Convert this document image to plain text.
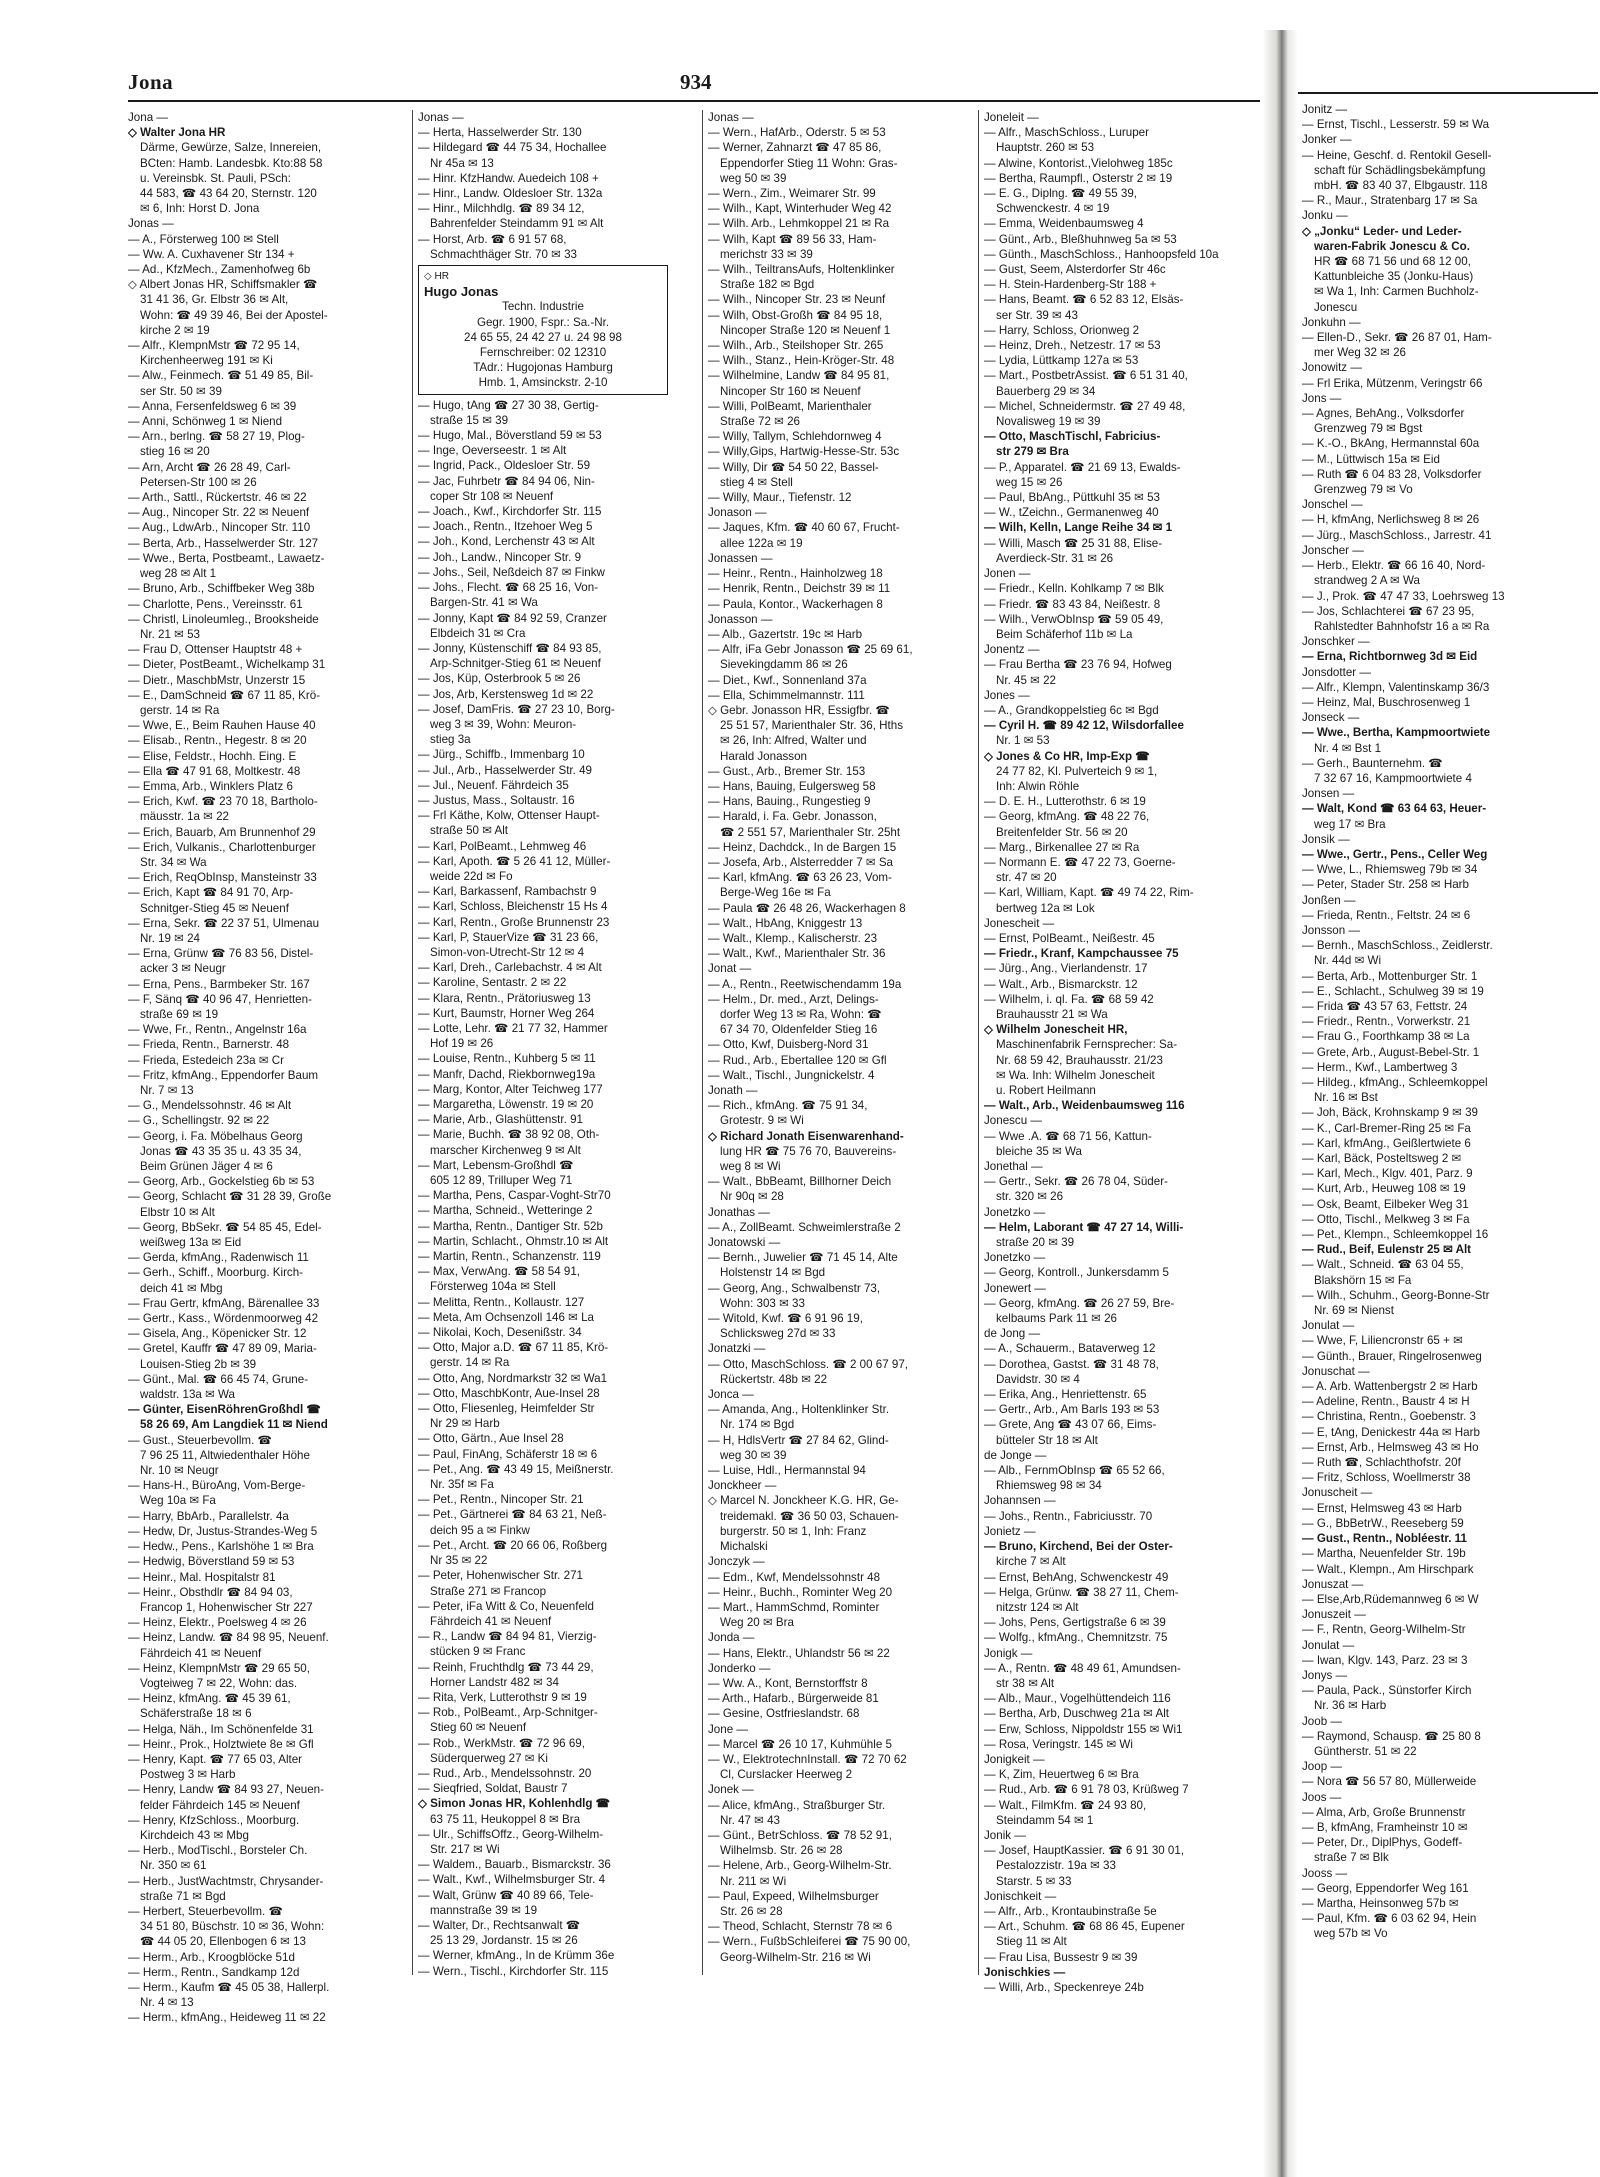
Jona	934
Jona —
◇ Walter Jona HR
Därme, Gewürze, Salze, Innereien,
BCten: Hamb. Landesbk. Kto:88 58
u. Vereinsbk. St. Pauli, PSch:
44 583, ☎ 43 64 20, Sternstr. 120
✉ 6, Inh: Horst D. Jona
Jonas —
— A., Försterweg 100 ✉ Stell
— Ww. A. Cuxhavener Str 134 +
— Ad., KfzMech., Zamenhofweg 6b
◇ Albert Jonas HR, Schiffsmakler ☎
31 41 36, Gr. Elbstr 36 ✉ Alt,
Wohn: ☎ 49 39 46, Bei der Apostel-
kirche 2 ✉ 19
— Alfr., KlempnMstr ☎ 72 95 14,
Kirchenheerweg 191 ✉ Ki
— Alw., Feinmech. ☎ 51 49 85, Bil-
ser Str. 50 ✉ 39
— Anna, Fersenfeldsweg 6 ✉ 39
— Anni, Schönweg 1 ✉ Niend
— Arn., berlng. ☎ 58 27 19, Plog-
stieg 16 ✉ 20
— Arn, Archt ☎ 26 28 49, Carl-
Petersen-Str 100 ✉ 26
— Arth., Sattl., Rückertstr. 46 ✉ 22
— Aug., Nincoper Str. 22 ✉ Neuenf
— Aug., LdwArb., Nincoper Str. 110
— Berta, Arb., Hasselwerder Str. 127
— Wwe., Berta, Postbeamt., Lawaetz-
weg 28 ✉ Alt 1
— Bruno, Arb., Schiffbeker Weg 38b
— Charlotte, Pens., Vereinsstr. 61
— Christl, Linoleumleg., Brooksheide
Nr. 21 ✉ 53
— Frau D, Ottenser Hauptstr 48 +
— Dieter, PostBeamt., Wichelkamp 31
— Dietr., MaschbMstr, Unzerstr 15
— E., DamSchneid ☎ 67 11 85, Krö-
gerstr. 14 ✉ Ra
— Wwe, E., Beim Rauhen Hause 40
— Elisab., Rentn., Hegestr. 8 ✉ 20
— Elise, Feldstr., Hochh. Eing. E
— Ella ☎ 47 91 68, Moltkestr. 48
— Emma, Arb., Winklers Platz 6
— Erich, Kwf. ☎ 23 70 18, Bartholo-
mäusstr. 1a ✉ 22
— Erich, Bauarb, Am Brunnenhof 29
— Erich, Vulkanis., Charlottenburger
Str. 34 ✉ Wa
— Erich, ReqObInsp, Mansteinstr 33
— Erich, Kapt ☎ 84 91 70, Arp-
Schnitger-Stieg 45 ✉ Neuenf
— Erna, Sekr. ☎ 22 37 51, Ulmenau
Nr. 19 ✉ 24
— Erna, Grünw ☎ 76 83 56, Distel-
acker 3 ✉ Neugr
— Erna, Pens., Barmbeker Str. 167
— F, Sänq ☎ 40 96 47, Henrietten-
straße 69 ✉ 19
— Wwe, Fr., Rentn., Angelnstr 16a
— Frieda, Rentn., Barnerstr. 48
— Frieda, Estedeich 23a ✉ Cr
— Fritz, kfmAng., Eppendorfer Baum
Nr. 7 ✉ 13
— G., Mendelssohnstr. 46 ✉ Alt
— G., Schellingstr. 92 ✉ 22
— Georg, i. Fa. Möbelhaus Georg
Jonas ☎ 43 35 35 u. 43 35 34,
Beim Grünen Jäger 4 ✉ 6
— Georg, Arb., Gockelstieg 6b ✉ 53
— Georg, Schlacht ☎ 31 28 39, Große
Elbstr 10 ✉ Alt
— Georg, BbSekr. ☎ 54 85 45, Edel-
weißweg 13a ✉ Eid
— Gerda, kfmAng., Radenwisch 11
— Gerh., Schiff., Moorburg. Kirch-
deich 41 ✉ Mbg
— Frau Gertr, kfmAng, Bärenallee 33
— Gertr., Kass., Wördenmoorweg 42
— Gisela, Ang., Köpenicker Str. 12
— Gretel, Kauffr ☎ 47 89 09, Maria-
Louisen-Stieg 2b ✉ 39
— Günt., Mal. ☎ 66 45 74, Grune-
waldstr. 13a ✉ Wa
— Günter, EisenRöhrenGroßhdl ☎
58 26 69, Am Langdiek 11 ✉ Niend
— Gust., Steuerbevollm. ☎
7 96 25 11, Altwiedenthaler Höhe
Nr. 10 ✉ Neugr
— Hans-H., BüroAng, Vom-Berge-
Weg 10a ✉ Fa
— Harry, BbArb., Parallelstr. 4a
— Hedw, Dr, Justus-Strandes-Weg 5
— Hedw., Pens., Karlshöhe 1 ✉ Bra
— Hedwig, Böverstland 59 ✉ 53
— Heinr., Mal. Hospitalstr 81
— Heinr., Obsthdlr ☎ 84 94 03,
Francop 1, Hohenwischer Str 227
— Heinz, Elektr., Poelsweg 4 ✉ 26
— Heinz, Landw. ☎ 84 98 95, Neuenf.
Fährdeich 41 ✉ Neuenf
— Heinz, KlempnMstr ☎ 29 65 50,
Vogteiweg 7 ✉ 22, Wohn: das.
— Heinz, kfmAng. ☎ 45 39 61,
Schäferstraße 18 ✉ 6
— Helga, Näh., Im Schönenfelde 31
— Heinr., Prok., Holztwiete 8e ✉ Gfl
— Henry, Kapt. ☎ 77 65 03, Alter
Postweg 3 ✉ Harb
— Henry, Landw ☎ 84 93 27, Neuen-
felder Fährdeich 145 ✉ Neuenf
— Henry, KfzSchloss., Moorburg.
Kirchdeich 43 ✉ Mbg
— Herb., ModTischl., Borsteler Ch.
Nr. 350 ✉ 61
— Herb., JustWachtmstr, Chrysander-
straße 71 ✉ Bgd
— Herbert, Steuerbevollm. ☎
34 51 80, Büschstr. 10 ✉ 36, Wohn:
☎ 44 05 20, Ellenbogen 6 ✉ 13
— Herm., Arb., Kroogblöcke 51d
— Herm., Rentn., Sandkamp 12d
— Herm., Kaufm ☎ 45 05 38, Hallerpl.
Nr. 4 ✉ 13
— Herm., kfmAng., Heideweg 11 ✉ 22
Jonas —
— Herta, Hasselwerder Str. 130
— Hildegard ☎ 44 75 34, Hochallee
Nr 45a ✉ 13
— Hinr. KfzHandw. Auedeich 108 +
— Hinr., Landw. Oldesloer Str. 132a
— Hinr., Milchhdlg. ☎ 89 34 12,
Bahrenfelder Steindamm 91 ✉ Alt
— Horst, Arb. ☎ 6 91 57 68,
Schmachthäger Str. 70 ✉ 33
◇ HR
Hugo Jonas
Techn. Industrie
Gegr. 1900, Fspr.: Sa.-Nr.
24 65 55, 24 42 27 u. 24 98 98
Fernschreiber: 02 12310
TAdr.: Hugojonas Hamburg
Hmb. 1, Amsinckstr. 2-10
— Hugo, tAng ☎ 27 30 38, Gertig-
straße 15 ✉ 39
— Hugo, Mal., Böverstland 59 ✉ 53
— Inge, Oeverseestr. 1 ✉ Alt
— Ingrid, Pack., Oldesloer Str. 59
— Jac, Fuhrbetr ☎ 84 94 06, Nin-
coper Str 108 ✉ Neuenf
— Joach., Kwf., Kirchdorfer Str. 115
— Joach., Rentn., Itzehoer Weg 5
— Joh., Kond, Lerchenstr 43 ✉ Alt
— Joh., Landw., Nincoper Str. 9
— Johs., Seil, Neßdeich 87 ✉ Finkw
— Johs., Flecht. ☎ 68 25 16, Von-
Bargen-Str. 41 ✉ Wa
— Jonny, Kapt ☎ 84 92 59, Cranzer
Elbdeich 31 ✉ Cra
— Jonny, Küstenschiff ☎ 84 93 85,
Arp-Schnitger-Stieg 61 ✉ Neuenf
— Jos, Küp, Osterbrook 5 ✉ 26
— Jos, Arb, Kerstensweg 1d ✉ 22
— Josef, DamFris. ☎ 27 23 10, Borg-
weg 3 ✉ 39, Wohn: Meuron-
stieg 3a
— Jürg., Schiffb., Immenbarg 10
— Jul., Arb., Hasselwerder Str. 49
— Jul., Neuenf. Fährdeich 35
— Justus, Mass., Soltaustr. 16
— Frl Käthe, Kolw, Ottenser Haupt-
straße 50 ✉ Alt
— Karl, PolBeamt., Lehmweg 46
— Karl, Apoth. ☎ 5 26 41 12, Müller-
weide 22d ✉ Fo
— Karl, Barkassenf, Rambachstr 9
— Karl, Schloss, Bleichenstr 15 Hs 4
— Karl, Rentn., Große Brunnenstr 23
— Karl, P, StauerVize ☎ 31 23 66,
Simon-von-Utrecht-Str 12 ✉ 4
— Karl, Dreh., Carlebachstr. 4 ✉ Alt
— Karoline, Sentastr. 2 ✉ 22
— Klara, Rentn., Prätoriusweg 13
— Kurt, Baumstr, Horner Weg 264
— Lotte, Lehr. ☎ 21 77 32, Hammer
Hof 19 ✉ 26
— Louise, Rentn., Kuhberg 5 ✉ 11
— Manfr, Dachd, Riekbornweg19a
— Marg, Kontor, Alter Teichweg 177
— Margaretha, Löwenstr. 19 ✉ 20
— Marie, Arb., Glashüttenstr. 91
— Marie, Buchh. ☎ 38 92 08, Oth-
marscher Kirchenweg 9 ✉ Alt
— Mart, Lebensm-Großhdl ☎
605 12 89, Trilluper Weg 71
— Martha, Pens, Caspar-Voght-Str70
— Martha, Schneid., Wetteringe 2
— Martha, Rentn., Dantiger Str. 52b
— Martin, Schlacht., Ohmstr.10 ✉ Alt
— Martin, Rentn., Schanzenstr. 119
— Max, VerwAng. ☎ 58 54 91,
Försterweg 104a ✉ Stell
— Melitta, Rentn., Kollaustr. 127
— Meta, Am Ochsenzoll 146 ✉ La
— Nikolai, Koch, Desenißstr. 34
— Otto, Major a.D. ☎ 67 11 85, Krö-
gerstr. 14 ✉ Ra
— Otto, Ang, Nordmarkstr 32 ✉ Wa1
— Otto, MaschbKontr, Aue-Insel 28
— Otto, Fliesenleg, Heimfelder Str
Nr 29 ✉ Harb
— Otto, Gärtn., Aue Insel 28
— Paul, FinAng, Schäferstr 18 ✉ 6
— Pet., Ang. ☎ 43 49 15, Meißnerstr.
Nr. 35f ✉ Fa
— Pet., Rentn., Nincoper Str. 21
— Pet., Gärtnerei ☎ 84 63 21, Neß-
deich 95 a ✉ Finkw
— Pet., Archt. ☎ 20 66 06, Roßberg
Nr 35 ✉ 22
— Peter, Hohenwischer Str. 271
Straße 271 ✉ Francop
— Peter, iFa Witt & Co, Neuenfeld
Fährdeich 41 ✉ Neuenf
— R., Landw ☎ 84 94 81, Vierzig-
stücken 9 ✉ Franc
— Reinh, Fruchthdlg ☎ 73 44 29,
Horner Landstr 482 ✉ 34
— Rita, Verk, Lutterothstr 9 ✉ 19
— Rob., PolBeamt., Arp-Schnitger-
Stieg 60 ✉ Neuenf
— Rob., WerkMstr. ☎ 72 96 69,
Süderquerweg 27 ✉ Ki
— Rud., Arb., Mendelssohnstr. 20
— Sieqfried, Soldat, Baustr 7
◇ Simon Jonas HR, Kohlenhdlg ☎
63 75 11, Heukoppel 8 ✉ Bra
— Ulr., SchiffsOffz., Georg-Wilhelm-
Str. 217 ✉ Wi
— Waldem., Bauarb., Bismarckstr. 36
— Walt., Kwf., Wilhelmsburger Str. 4
— Walt, Grünw ☎ 40 89 66, Tele-
mannstraße 39 ✉ 19
— Walter, Dr., Rechtsanwalt ☎
25 13 29, Jordanstr. 15 ✉ 26
— Werner, kfmAng., In de Krümm 36e
— Wern., Tischl., Kirchdorfer Str. 115
Jonas —
— Wern., HafArb., Oderstr. 5 ✉ 53
— Werner, Zahnarzt ☎ 47 85 86,
Eppendorfer Stieg 11 Wohn: Gras-
weg 50 ✉ 39
— Wern., Zim., Weimarer Str. 99
— Wilh., Kapt, Winterhuder Weg 42
— Wilh. Arb., Lehmkoppel 21 ✉ Ra
— Wilh, Kapt ☎ 89 56 33, Ham-
merichstr 33 ✉ 39
— Wilh., TeiltransAufs, Holtenklinker
Straße 182 ✉ Bgd
— Wilh., Nincoper Str. 23 ✉ Neunf
— Wilh, Obst-Großh ☎ 84 95 18,
Nincoper Straße 120 ✉ Neuenf 1
— Wilh., Arb., Steilshoper Str. 265
— Wilh., Stanz., Hein-Kröger-Str. 48
— Wilhelmine, Landw ☎ 84 95 81,
Nincoper Str 160 ✉ Neuenf
— Willi, PolBeamt, Marienthaler
Straße 72 ✉ 26
— Willy, Tallym, Schlehdornweg 4
— Willy,Gips, Hartwig-Hesse-Str. 53c
— Willy, Dir ☎ 54 50 22, Bassel-
stieg 4 ✉ Stell
— Willy, Maur., Tiefenstr. 12
Jonason —
— Jaques, Kfm. ☎ 40 60 67, Frucht-
allee 122a ✉ 19
Jonassen —
— Heinr., Rentn., Hainholzweg 18
— Henrik, Rentn., Deichstr 39 ✉ 11
— Paula, Kontor., Wackerhagen 8
Jonasson —
— Alb., Gazertstr. 19c ✉ Harb
— Alfr, iFa Gebr Jonasson ☎ 25 69 61,
Sievekingdamm 86 ✉ 26
— Diet., Kwf., Sonnenland 37a
— Ella, Schimmelmannstr. 111
◇ Gebr. Jonasson HR, Essigfbr. ☎
25 51 57, Marienthaler Str. 36, Hths
✉ 26, Inh: Alfred, Walter und
Harald Jonasson
— Gust., Arb., Bremer Str. 153
— Hans, Bauing, Eulgersweg 58
— Hans, Bauing., Rungestieg 9
— Harald, i. Fa. Gebr. Jonasson,
☎ 2 551 57, Marienthaler Str. 25ht
— Heinz, Dachdck., In de Bargen 15
— Josefa, Arb., Alsterredder 7 ✉ Sa
— Karl, kfmAng. ☎ 63 26 23, Vom-
Berge-Weg 16e ✉ Fa
— Paula ☎ 26 48 26, Wackerhagen 8
— Walt., HbAng, Kniggestr 13
— Walt., Klemp., Kalischerstr. 23
— Walt., Kwf., Marienthaler Str. 36
Jonat —
— A., Rentn., Reetwischendamm 19a
— Helm., Dr. med., Arzt, Delings-
dorfer Weg 13 ✉ Ra, Wohn: ☎
67 34 70, Oldenfelder Stieg 16
— Otto, Kwf, Duisberg-Nord 31
— Rud., Arb., Ebertallee 120 ✉ Gfl
— Walt., Tischl., Jungnickelstr. 4
Jonath —
— Rich., kfmAng. ☎ 75 91 34,
Grotestr. 9 ✉ Wi
◇ Richard Jonath Eisenwarenhand-
lung HR ☎ 75 76 70, Bauvereins-
weg 8 ✉ Wi
— Walt., BbBeamt, Billhorner Deich
Nr 90q ✉ 28
Jonathas —
— A., ZollBeamt. Schweimlerstraße 2
Jonatowski —
— Bernh., Juwelier ☎ 71 45 14, Alte
Holstenstr 14 ✉ Bgd
— Georg, Ang., Schwalbenstr 73,
Wohn: 303 ✉ 33
— Witold, Kwf. ☎ 6 91 96 19,
Schlicksweg 27d ✉ 33
Jonatzki —
— Otto, MaschSchloss. ☎ 2 00 67 97,
Rückertstr. 48b ✉ 22
Jonca —
— Amanda, Ang., Holtenklinker Str.
Nr. 174 ✉ Bgd
— H, HdlsVertr ☎ 27 84 62, Glind-
weg 30 ✉ 39
— Luise, Hdl., Hermannstal 94
Jonckheer —
◇ Marcel N. Jonckheer K.G. HR, Ge-
treidemakl. ☎ 36 50 03, Schauen-
burgerstr. 50 ✉ 1, Inh: Franz
Michalski
Jonczyk —
— Edm., Kwf, Mendelssohnstr 48
— Heinr., Buchh., Rominter Weg 20
— Mart., HammSchmd, Rominter
Weg 20 ✉ Bra
Jonda —
— Hans, Elektr., Uhlandstr 56 ✉ 22
Jonderko —
— Ww. A., Kont, Bernstorffstr 8
— Arth., Hafarb., Bürgerweide 81
— Gesine, Ostfrieslandstr. 68
Jone —
— Marcel ☎ 26 10 17, Kuhmühle 5
— W., ElektrotechnInstall. ☎ 72 70 62
Cl, Curslacker Heerweg 2
Jonek —
— Alice, kfmAng., Straßburger Str.
Nr. 47 ✉ 43
— Günt., BetrSchloss. ☎ 78 52 91,
Wilhelmsb. Str. 26 ✉ 28
— Helene, Arb., Georg-Wilhelm-Str.
Nr. 211 ✉ Wi
— Paul, Expeed, Wilhelmsburger
Str. 26 ✉ 28
— Theod, Schlacht, Sternstr 78 ✉ 6
— Wern., FußbSchleiferei ☎ 75 90 00,
Georg-Wilhelm-Str. 216 ✉ Wi
Joneleit —
— Alfr., MaschSchloss., Luruper
Hauptstr. 260 ✉ 53
— Alwine, Kontorist.,Vielohweg 185c
— Bertha, Raumpfl., Osterstr 2 ✉ 19
— E. G., Diplng. ☎ 49 55 39,
Schwenckestr. 4 ✉ 19
— Emma, Weidenbaumsweg 4
— Günt., Arb., Bleßhuhnweg 5a ✉ 53
— Günth., MaschSchloss., Hanhoopsfeld 10a
— Gust, Seem, Alsterdorfer Str 46c
— H. Stein-Hardenberg-Str 188 +
— Hans, Beamt. ☎ 6 52 83 12, Elsäs-
ser Str. 39 ✉ 43
— Harry, Schloss, Orionweg 2
— Heinz, Dreh., Netzestr. 17 ✉ 53
— Lydia, Lüttkamp 127a ✉ 53
— Mart., PostbetrAssist. ☎ 6 51 31 40,
Bauerberg 29 ✉ 34
— Michel, Schneidermstr. ☎ 27 49 48,
Novalisweg 19 ✉ 39
— Otto, MaschTischl, Fabricius-
str 279 ✉ Bra
— P., Apparatel. ☎ 21 69 13, Ewalds-
weg 15 ✉ 26
— Paul, BbAng., Püttkuhl 35 ✉ 53
— W., tZeichn., Germanenweg 40
— Wilh, Kelln, Lange Reihe 34 ✉ 1
— Willi, Masch ☎ 25 31 88, Elise-
Averdieck-Str. 31 ✉ 26
Jonen —
— Friedr., Kelln. Kohlkamp 7 ✉ Blk
— Friedr. ☎ 83 43 84, Neißestr. 8
— Wilh., VerwObInsp ☎ 59 05 49,
Beim Schäferhof 11b ✉ La
Jonentz —
— Frau Bertha ☎ 23 76 94, Hofweg
Nr. 45 ✉ 22
Jones —
— A., Grandkoppelstieg 6c ✉ Bgd
— Cyril H. ☎ 89 42 12, Wilsdorfallee
Nr. 1 ✉ 53
◇ Jones & Co HR, Imp-Exp ☎
24 77 82, Kl. Pulverteich 9 ✉ 1,
Inh: Alwin Röhle
— D. E. H., Lutterothstr. 6 ✉ 19
— Georg, kfmAng. ☎ 48 22 76,
Breitenfelder Str. 56 ✉ 20
— Marg., Birkenallee 27 ✉ Ra
— Normann E. ☎ 47 22 73, Goerne-
str. 47 ✉ 20
— Karl, William, Kapt. ☎ 49 74 22, Rim-
bertweg 12a ✉ Lok
Jonescheit —
— Ernst, PolBeamt., Neißestr. 45
— Friedr., Kranf, Kampchaussee 75
— Jürg., Ang., Vierlandenstr. 17
— Walt., Arb., Bismarckstr. 12
— Wilhelm, i. ql. Fa. ☎ 68 59 42
Brauhausstr 21 ✉ Wa
◇ Wilhelm Jonescheit HR,
Maschinenfabrik Fernsprecher: Sa-
Nr. 68 59 42, Brauhausstr. 21/23
✉ Wa. Inh: Wilhelm Jonescheit
u. Robert Heilmann
— Walt., Arb., Weidenbaumsweg 116
Jonescu —
— Wwe .A. ☎ 68 71 56, Kattun-
bleiche 35 ✉ Wa
Jonethal —
— Gertr., Sekr. ☎ 26 78 04, Süder-
str. 320 ✉ 26
Jonetzko —
— Helm, Laborant ☎ 47 27 14, Willi-
straße 20 ✉ 39
Jonetzko —
— Georg, Kontroll., Junkersdamm 5
Jonewert —
— Georg, kfmAng. ☎ 26 27 59, Bre-
kelbaums Park 11 ✉ 26
de Jong —
— A., Schauerm., Bataverweg 12
— Dorothea, Gastst. ☎ 31 48 78,
Davidstr. 30 ✉ 4
— Erika, Ang., Henriettenstr. 65
— Gertr., Arb., Am Barls 193 ✉ 53
— Grete, Ang ☎ 43 07 66, Eims-
bütteler Str 18 ✉ Alt
de Jonge —
— Alb., FernmObInsp ☎ 65 52 66,
Rhiemsweg 98 ✉ 34
Johannsen —
— Johs., Rentn., Fabriciusstr. 70
Jonietz —
— Bruno, Kirchend, Bei der Oster-
kirche 7 ✉ Alt
— Ernst, BehAng, Schwenckestr 49
— Helga, Grünw. ☎ 38 27 11, Chem-
nitzstr 124 ✉ Alt
— Johs, Pens, Gertigstraße 6 ✉ 39
— Wolfg., kfmAng., Chemnitzstr. 75
Jonigk —
— A., Rentn. ☎ 48 49 61, Amundsen-
str 38 ✉ Alt
— Alb., Maur., Vogelhüttendeich 116
— Bertha, Arb, Duschweg 21a ✉ Alt
— Erw, Schloss, Nippoldstr 155 ✉ Wi1
— Rosa, Veringstr. 145 ✉ Wi
Jonigkeit —
— K, Zim, Heuertweg 6 ✉ Bra
— Rud., Arb. ☎ 6 91 78 03, Krüßweg 7
— Walt., FilmKfm. ☎ 24 93 80,
Steindamm 54 ✉ 1
Jonik —
— Josef, HauptKassier. ☎ 6 91 30 01,
Pestalozzistr. 19a ✉ 33
Starstr. 5 ✉ 33
Jonischkeit —
— Alfr., Arb., Krontaubinstraße 5e
— Art., Schuhm. ☎ 68 86 45, Eupener
Stieg 11 ✉ Alt
— Frau Lisa, Bussestr 9 ✉ 39
Jonischkies —
— Willi, Arb., Speckenreye 24b
Jonitz —
— Ernst, Tischl., Lesserstr. 59 ✉ Wa
Jonker —
— Heine, Geschf. d. Rentokil Gesell-
schaft für Schädlingsbekämpfung
mbH. ☎ 83 40 37, Elbgaustr. 118
— R., Maur., Stratenbarg 17 ✉ Sa
Jonku —
◇ „Jonku“ Leder- und Leder-
waren-Fabrik Jonescu & Co.
HR ☎ 68 71 56 und 68 12 00,
Kattunbleiche 35 (Jonku-Haus)
✉ Wa 1, Inh: Carmen Buchholz-
Jonescu
Jonkuhn —
— Ellen-D., Sekr. ☎ 26 87 01, Ham-
mer Weg 32 ✉ 26
Jonowitz —
— Frl Erika, Mützenm, Veringstr 66
Jons —
— Agnes, BehAng., Volksdorfer
Grenzweg 79 ✉ Bgst
— K.-O., BkAng, Hermannstal 60a
— M., Lüttwisch 15a ✉ Eid
— Ruth ☎ 6 04 83 28, Volksdorfer
Grenzweg 79 ✉ Vo
Jonschel —
— H, kfmAng, Nerlichsweg 8 ✉ 26
— Jürg., MaschSchloss., Jarrestr. 41
Jonscher —
— Herb., Elektr. ☎ 66 16 40, Nord-
strandweg 2 A ✉ Wa
— J., Prok. ☎ 47 47 33, Loehrsweg 13
— Jos, Schlachterei ☎ 67 23 95,
Rahlstedter Bahnhofstr 16 a ✉ Ra
Jonschker —
— Erna, Richtbornweg 3d ✉ Eid
Jonsdotter —
— Alfr., Klempn, Valentinskamp 36/3
— Heinz, Mal, Buschrosenweg 1
Jonseck —
— Wwe., Bertha, Kampmoortwiete
Nr. 4 ✉ Bst 1
— Gerh., Baunternehm. ☎
7 32 67 16, Kampmoortwiete 4
Jonsen —
— Walt, Kond ☎ 63 64 63, Heuer-
weg 17 ✉ Bra
Jonsik —
— Wwe., Gertr., Pens., Celler Weg
— Wwe, L., Rhiemsweg 79b ✉ 34
— Peter, Stader Str. 258 ✉ Harb
Jonßen —
— Frieda, Rentn., Feltstr. 24 ✉ 6
Jonsson —
— Bernh., MaschSchloss., Zeidlerstr.
Nr. 44d ✉ Wi
— Berta, Arb., Mottenburger Str. 1
— E., Schlacht., Schulweg 39 ✉ 19
— Frida ☎ 43 57 63, Fettstr. 24
— Friedr., Rentn., Vorwerkstr. 21
— Frau G., Foorthkamp 38 ✉ La
— Grete, Arb., August-Bebel-Str. 1
— Herm., Kwf., Lambertweg 3
— Hildeg., kfmAng., Schleemkoppel
Nr. 16 ✉ Bst
— Joh, Bäck, Krohnskamp 9 ✉ 39
— K., Carl-Bremer-Ring 25 ✉ Fa
— Karl, kfmAng., Geißlertwiete 6
— Karl, Bäck, Posteltsweg 2 ✉
— Karl, Mech., Klgv. 401, Parz. 9
— Kurt, Arb., Heuweg 108 ✉ 19
— Osk, Beamt, Eilbeker Weg 31
— Otto, Tischl., Melkweg 3 ✉ Fa
— Pet., Klempn., Schleemkoppel 16
— Rud., Beif, Eulenstr 25 ✉ Alt
— Walt., Schneid. ☎ 63 04 55,
Blakshörn 15 ✉ Fa
— Wilh., Schuhm., Georg-Bonne-Str
Nr. 69 ✉ Nienst
Jonulat —
— Wwe, F, Liliencronstr 65 + ✉
— Günth., Brauer, Ringelrosenweg
Jonuschat —
— A. Arb. Wattenbergstr 2 ✉ Harb
— Adeline, Rentn., Baustr 4 ✉ H
— Christina, Rentn., Goebenstr. 3
— E, tAng, Denickestr 44a ✉ Harb
— Ernst, Arb., Helmsweg 43 ✉ Ho
— Ruth ☎, Schlachthofstr. 20f
— Fritz, Schloss, Woellmerstr 38
Jonuscheit —
— Ernst, Helmsweg 43 ✉ Harb
— G., BbBetrW., Reeseberg 59
— Gust., Rentn., Nobléestr. 11
— Martha, Neuenfelder Str. 19b
— Walt., Klempn., Am Hirschpark
Jonuszat —
— Else,Arb,Rüdemannweg 6 ✉ W
Jonuszeit —
— F., Rentn, Georg-Wilhelm-Str
Jonulat —
— Iwan, Klgv. 143, Parz. 23 ✉ 3
Jonys —
— Paula, Pack., Sünstorfer Kirch
Nr. 36 ✉ Harb
Joob —
— Raymond, Schausp. ☎ 25 80 8
Güntherstr. 51 ✉ 22
Joop —
— Nora ☎ 56 57 80, Müllerweide
Joos —
— Alma, Arb, Große Brunnenstr
— B, kfmAng, Framheinstr 10 ✉
— Peter, Dr., DiplPhys, Godeff-
straße 7 ✉ Blk
Jooss —
— Georg, Eppendorfer Weg 161
— Martha, Heinsonweg 57b ✉
— Paul, Kfm. ☎ 6 03 62 94, Hein
weg 57b ✉ Vo
